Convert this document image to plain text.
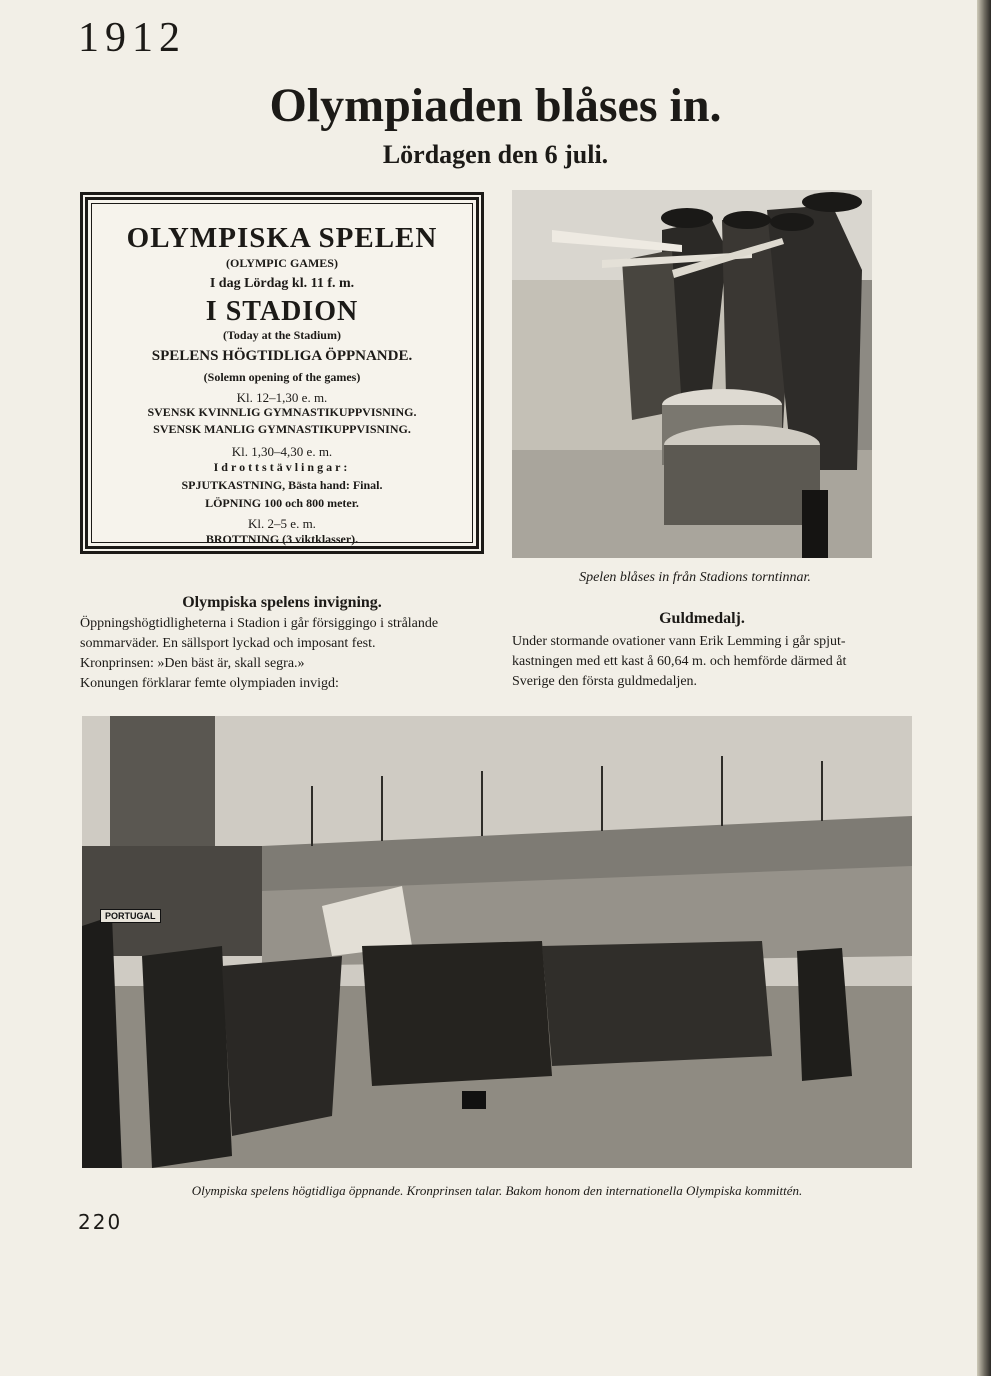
1912
Olympiaden blåses in.
Lördagen den 6 juli.
OLYMPISKA SPELEN
(OLYMPIC GAMES)
I dag Lördag kl. 11 f. m.
I STADION
(Today at the Stadium)
SPELENS HÖGTIDLIGA ÖPPNANDE.
(Solemn opening of the games)
Kl. 12–1,30 e. m.
SVENSK KVINNLIG GYMNASTIKUPPVISNING.
SVENSK MANLIG GYMNASTIKUPPVISNING.
Kl. 1,30–4,30 e. m.
Idrottstävlingar:
SPJUTKASTNING, Bästa hand: Final.
LÖPNING 100 och 800 meter.
Kl. 2–5 e. m.
BROTTNING (3 viktklasser).
Spelen blåses in från Stadions torntinnar.
Olympiska spelens invigning.
Öppningshögtidligheterna i Stadion i går försiggingo i strålande
sommarväder. En sällsport lyckad och imposant fest.
Kronprinsen: »Den bäst är, skall segra.»
Konungen förklarar femte olympiaden invigd:
Guldmedalj.
Under stormande ovationer vann Erik Lemming i går spjut-
kastningen med ett kast å 60,64 m. och hemförde därmed åt
Sverige den första guldmedaljen.
PORTUGAL
Olympiska spelens högtidliga öppnande. Kronprinsen talar. Bakom honom den internationella Olympiska kommittén.
220
